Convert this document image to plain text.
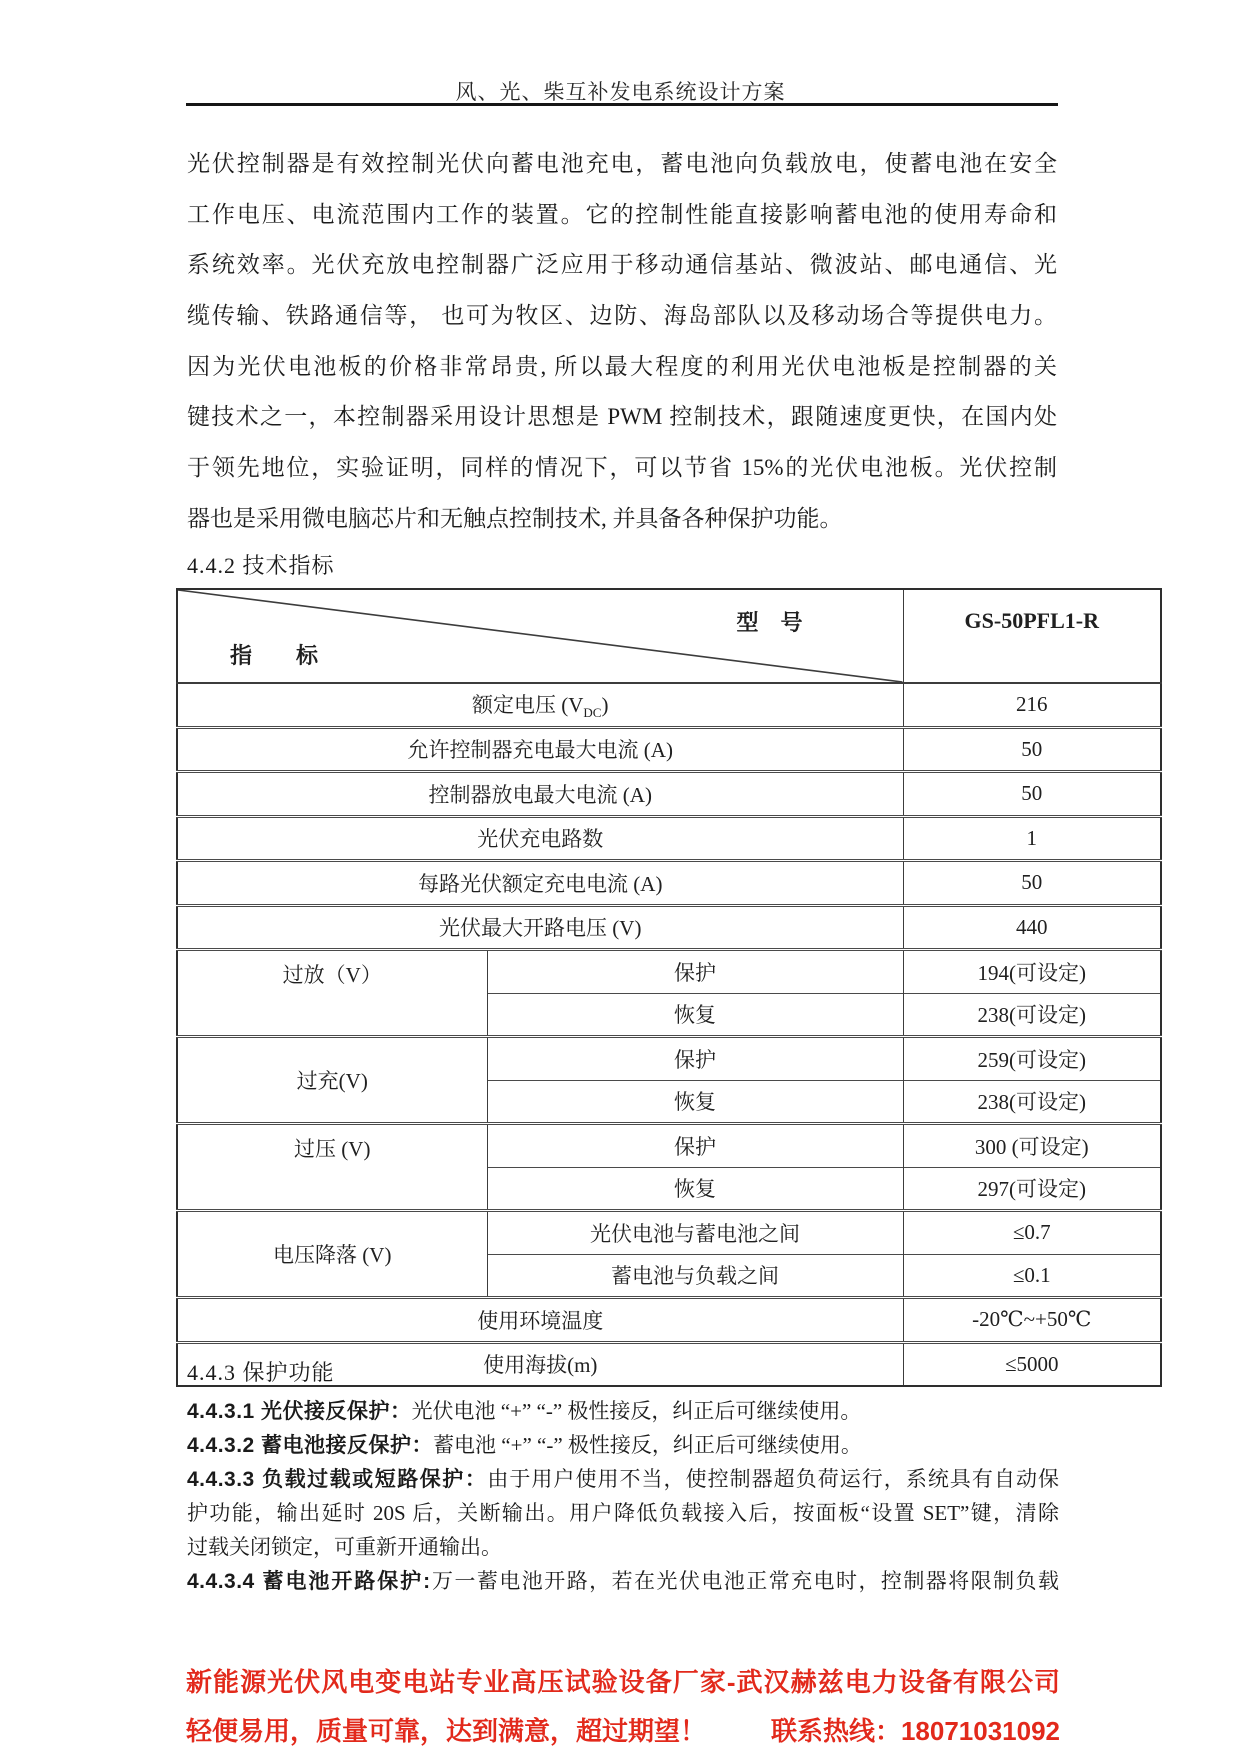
风、光、柴互补发电系统设计方案
光伏控制器是有效控制光伏向蓄电池充电，蓄电池向负载放电，使蓄电池在安全
工作电压、电流范围内工作的装置。它的控制性能直接影响蓄电池的使用寿命和
系统效率。光伏充放电控制器广泛应用于移动通信基站、微波站、邮电通信、光
缆传输、铁路通信等， 也可为牧区、边防、海岛部队以及移动场合等提供电力。
因为光伏电池板的价格非常昂贵, 所以最大程度的利用光伏电池板是控制器的关
键技术之一，本控制器采用设计思想是 PWM 控制技术，跟随速度更快，在国内处
于领先地位，实验证明，同样的情况下，可以节省 15%的光伏电池板。光伏控制
器也是采用微电脑芯片和无触点控制技术, 并具备各种保护功能。
4.4.2 技术指标
型　号
指　　标		GS-50PFL1-R
额定电压 $(V_{DC})$		216
允许控制器充电最大电流 (A)		50
控制器放电最大电流 (A)		50
光伏充电路数		1
每路光伏额定充电电流 (A)		50
光伏最大开路电压 (V)		440
过放（V）	保护	194(可设定)
	恢复	238(可设定)
过充(V)	保护	259(可设定)
	恢复	238(可设定)
过压 (V)	保护	300 (可设定)
	恢复	297(可设定)
电压降落 (V)	光伏电池与蓄电池之间	≤0.7
	蓄电池与负载之间	≤0.1
使用环境温度		-20℃~+50℃
使用海拔(m)		≤5000
4.4.3 保护功能
4.4.3.1 光伏接反保护：光伏电池 “+” “-” 极性接反，纠正后可继续使用。
4.4.3.2 蓄电池接反保护：蓄电池 “+” “-” 极性接反，纠正后可继续使用。
4.4.3.3 负载过载或短路保护：由于用户使用不当，使控制器超负荷运行，系统具有自动保
护功能，输出延时 20S 后，关断输出。用户降低负载接入后，按面板“设置 SET”键，清除
过载关闭锁定，可重新开通输出。
4.4.3.4 蓄电池开路保护:万一蓄电池开路，若在光伏电池正常充电时，控制器将限制负载
新能源光伏风电变电站专业高压试验设备厂家-武汉赫兹电力设备有限公司
轻便易用，质量可靠，达到满意，超过期望！ 联系热线：18071031092
